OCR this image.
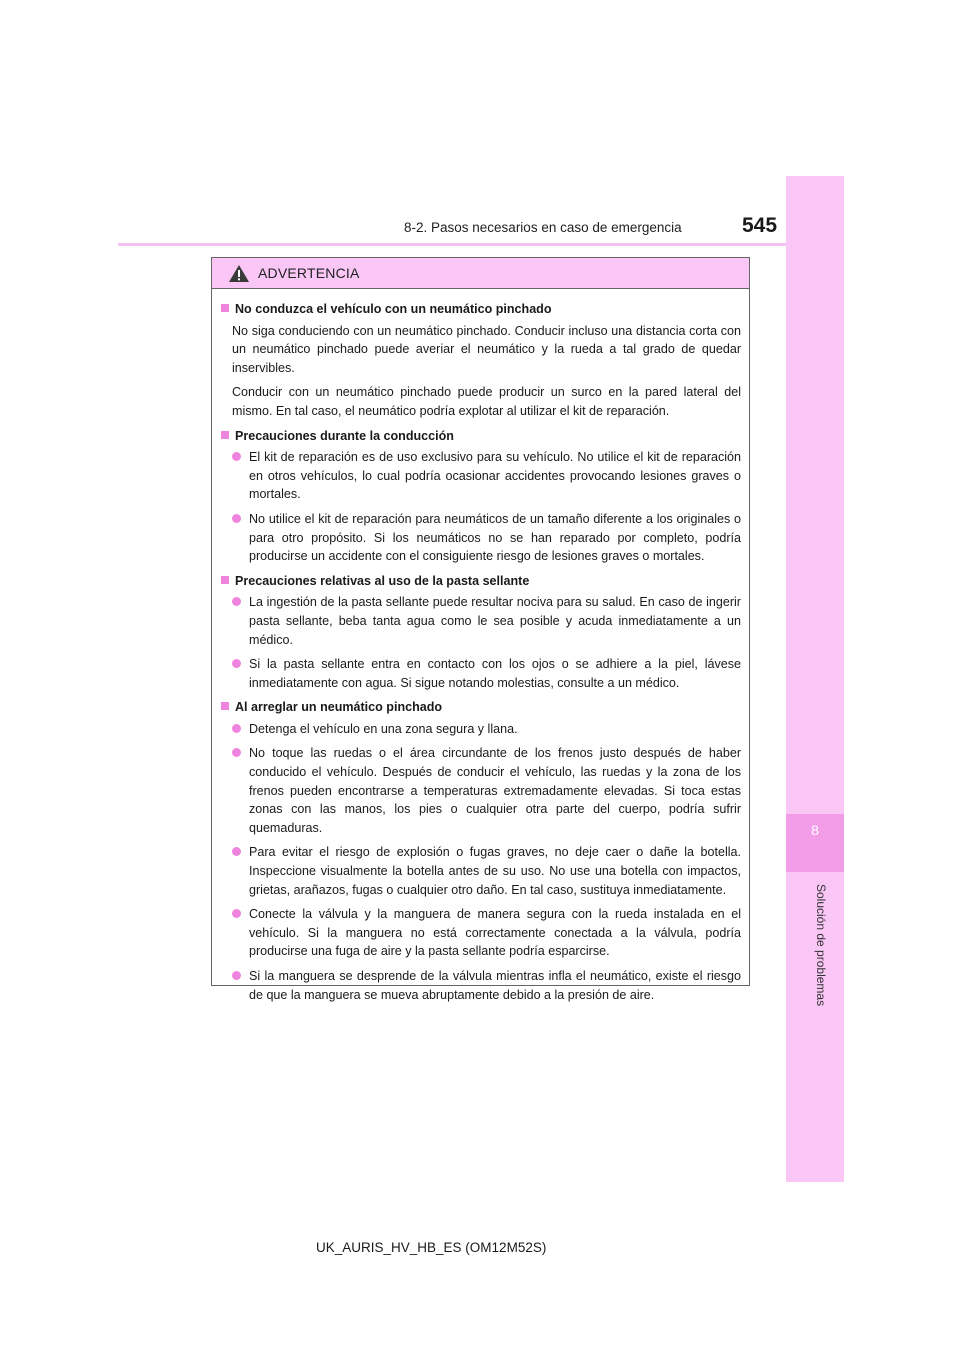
8-2. Pasos necesarios en caso de emergencia	545
8
Solución de problemas
ADVERTENCIA
No conduzca el vehículo con un neumático pinchado
No siga conduciendo con un neumático pinchado. Conducir incluso una distancia corta con un neumático pinchado puede averiar el neumático y la rueda a tal grado de quedar inservibles.
Conducir con un neumático pinchado puede producir un surco en la pared lateral del mismo. En tal caso, el neumático podría explotar al utilizar el kit de reparación.
Precauciones durante la conducción
El kit de reparación es de uso exclusivo para su vehículo. No utilice el kit de reparación en otros vehículos, lo cual podría ocasionar accidentes provocando lesiones graves o mortales.
No utilice el kit de reparación para neumáticos de un tamaño diferente a los originales o para otro propósito. Si los neumáticos no se han reparado por completo, podría producirse un accidente con el consiguiente riesgo de lesiones graves o mortales.
Precauciones relativas al uso de la pasta sellante
La ingestión de la pasta sellante puede resultar nociva para su salud. En caso de ingerir pasta sellante, beba tanta agua como le sea posible y acuda inmediatamente a un médico.
Si la pasta sellante entra en contacto con los ojos o se adhiere a la piel, lávese inmediatamente con agua. Si sigue notando molestias, consulte a un médico.
Al arreglar un neumático pinchado
Detenga el vehículo en una zona segura y llana.
No toque las ruedas o el área circundante de los frenos justo después de haber conducido el vehículo. Después de conducir el vehículo, las ruedas y la zona de los frenos pueden encontrarse a temperaturas extremadamente elevadas. Si toca estas zonas con las manos, los pies o cualquier otra parte del cuerpo, podría sufrir quemaduras.
Para evitar el riesgo de explosión o fugas graves, no deje caer o dañe la botella. Inspeccione visualmente la botella antes de su uso. No use una botella con impactos, grietas, arañazos, fugas o cualquier otro daño. En tal caso, sustituya inmediatamente.
Conecte la válvula y la manguera de manera segura con la rueda instalada en el vehículo. Si la manguera no está correctamente conectada a la válvula, podría producirse una fuga de aire y la pasta sellante podría esparcirse.
Si la manguera se desprende de la válvula mientras infla el neumático, existe el riesgo de que la manguera se mueva abruptamente debido a la presión de aire.
UK_AURIS_HV_HB_ES (OM12M52S)
